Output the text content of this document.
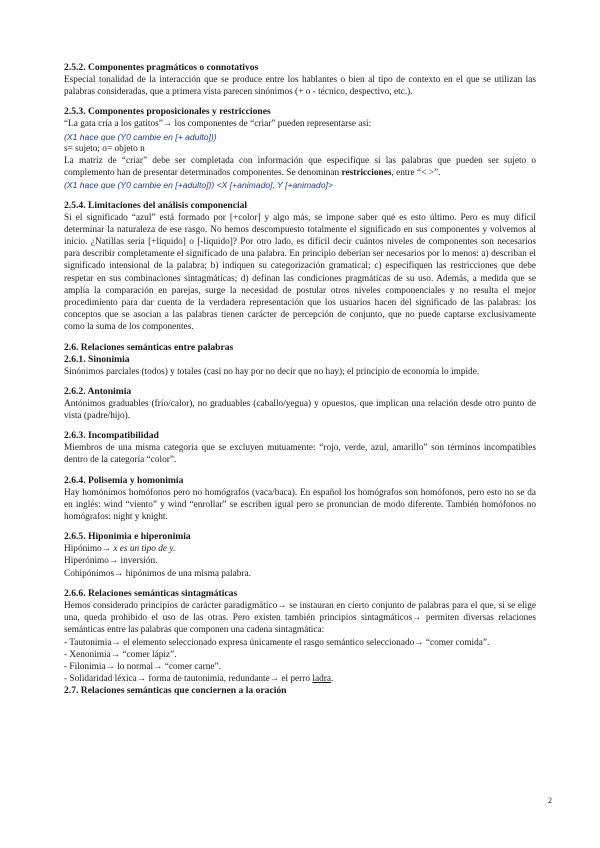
2.5.2. Componentes pragmáticos o connotativos

Especial tonalidad de la interacción que se produce entre los hablantes o bien al tipo de contexto en el que se utilizan las palabras consideradas, que a primera vista parecen sinónimos (+ o - técnico, despectivo, etc.).

2.5.3. Componentes proposicionales y restricciones

“La gata cría a los gatitos”→ los componentes de “criar” pueden representarse así:

(X1 hace que (Y0 cambie en [+ adulto]))

s= sujeto; o= objeto n

La matriz de “criar” debe ser completada con información que especifique si las palabras que pueden ser sujeto o complemento han de presentar determinados componentes. Se denominan restricciones, entre “< >”.

(X1 hace que (Y0 cambie en [+adulto])) <X [+animado], Y [+animado]>

2.5.4. Limitaciones del análisis componencial

Si el significado “azul” está formado por [+color] y algo más, se impone saber qué es esto último. Pero es muy difícil determinar la naturaleza de ese rasgo. No hemos descompuesto totalmente el significado en sus componentes y volvemos al inicio. ¿Natillas sería [+líquido] o [-líquido]? Por otro lado, es difícil decir cuántos niveles de componentes son necesarios para describir completamente el significado de una palabra. En principio deberían ser necesarios por lo menos: a) describan el significado intensional de la palabra; b) indiquen su categorización gramatical; c) especifiquen las restricciones que debe respetar en sus combinaciones sintagmáticas; d) definan las condiciones pragmáticas de su uso. Además, a medida que se amplía la comparación en parejas, surge la necesidad de postular otros niveles componenciales y no resulta el mejor procedimiento para dar cuenta de la verdadera representación que los usuarios hacen del significado de las palabras: los conceptos que se asocian a las palabras tienen carácter de percepción de conjunto, que no puede captarse exclusivamente como la suma de los componentes.

2.6. Relaciones semánticas entre palabras

2.6.1. Sinonimia

Sinónimos parciales (todos) y totales (casi no hay por no decir que no hay); el principio de economía lo impide.

2.6.2. Antonimia

Antónimos graduables (frío/calor), no graduables (caballo/yegua) y opuestos, que implican una relación desde otro punto de vista (padre/hijo).

2.6.3. Incompatibilidad

Miembros de una misma categoría que se excluyen mutuamente: “rojo, verde, azul, amarillo” son términos incompatibles dentro de la categoría “color”.

2.6.4. Polisemia y homonimia

Hay homónimos homófonos pero no homógrafos (vaca/baca). En español los homógrafos son homófonos, pero esto no se da en inglés: wind “viento” y wind “enrollar” se escriben igual pero se pronuncian de modo diferente. También homófonos no homógrafos: night y knight.

2.6.5. Hiponimia e hiperonimia

Hipónimo→ x es un tipo de y.

Hiperónimo→ inversión.

Cohipónimos→ hipónimos de una misma palabra.

2.6.6. Relaciones semánticas sintagmáticas

Hemos considerado principios de carácter paradigmático→ se instauran en cierto conjunto de palabras para el que, si se elige una, queda prohibido el uso de las otras. Pero existen también principios sintagmáticos→ permiten diversas relaciones semánticas entre las palabras que componen una cadena sintagmática:

- Tautonimia→ el elemento seleccionado expresa únicamente el rasgo semántico seleccionado→ “comer comida”.

- Xenonimia→ “comer lápiz”.

- Filonimia→ lo normal→ “comer carne”.

- Solidaridad léxica→ forma de tautonimia, redundante→ el perro ladra.

2.7. Relaciones semánticas que conciernen a la oración

2
